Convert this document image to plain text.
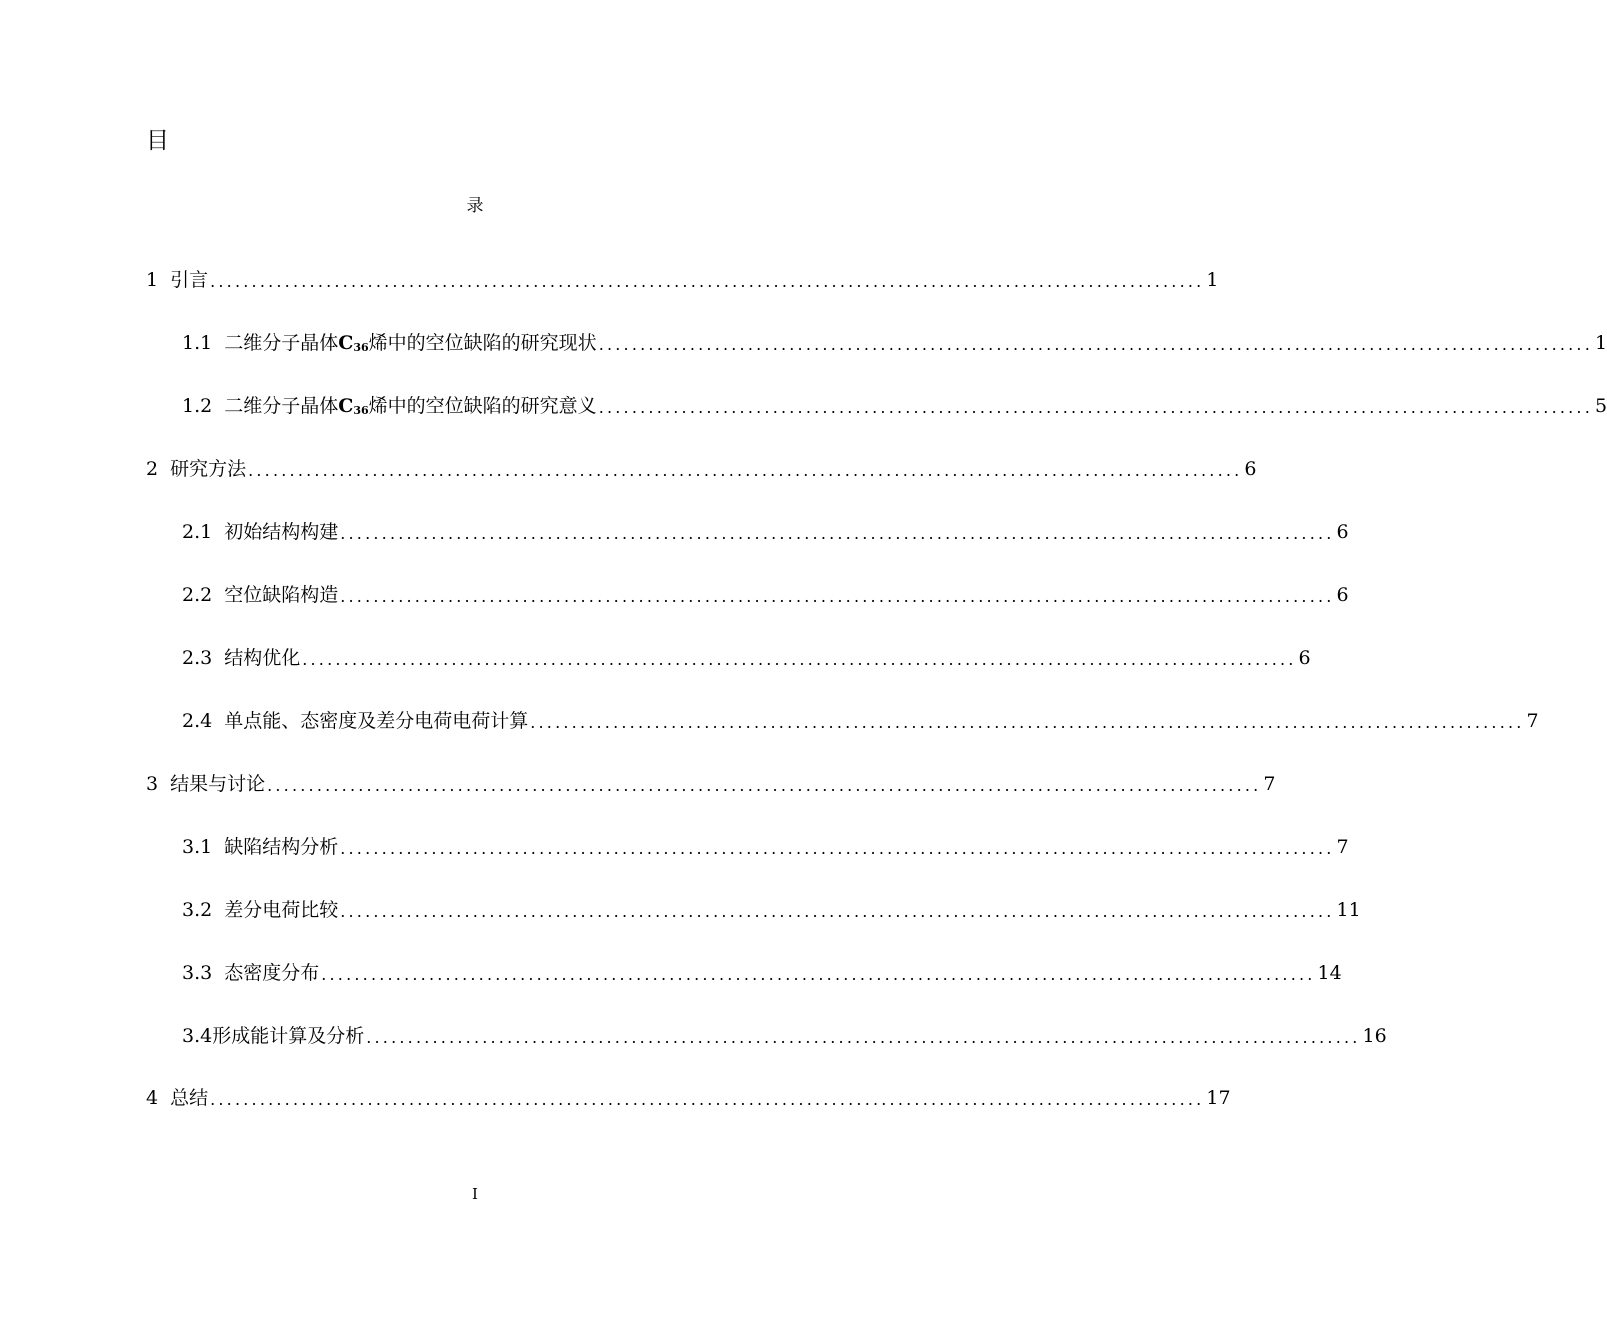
目
录
1 引言 ........................................................................................................................ 1
1.1 二维分子晶体$C_{36}$烯中的空位缺陷的研究现状 ........................................................................................................................ 1
1.2 二维分子晶体$C_{36}$烯中的空位缺陷的研究意义 ........................................................................................................................ 5
2 研究方法 ........................................................................................................................ 6
2.1 初始结构构建 ........................................................................................................................ 6
2.2 空位缺陷构造 ........................................................................................................................ 6
2.3 结构优化 ........................................................................................................................ 6
2.4 单点能、态密度及差分电荷电荷计算 ........................................................................................................................ 7
3 结果与讨论 ........................................................................................................................ 7
3.1 缺陷结构分析 ........................................................................................................................ 7
3.2 差分电荷比较 ........................................................................................................................ 11
3.3 态密度分布 ........................................................................................................................ 14
3.4 形成能计算及分析 ........................................................................................................................ 16
4 总结 ........................................................................................................................ 17
I
